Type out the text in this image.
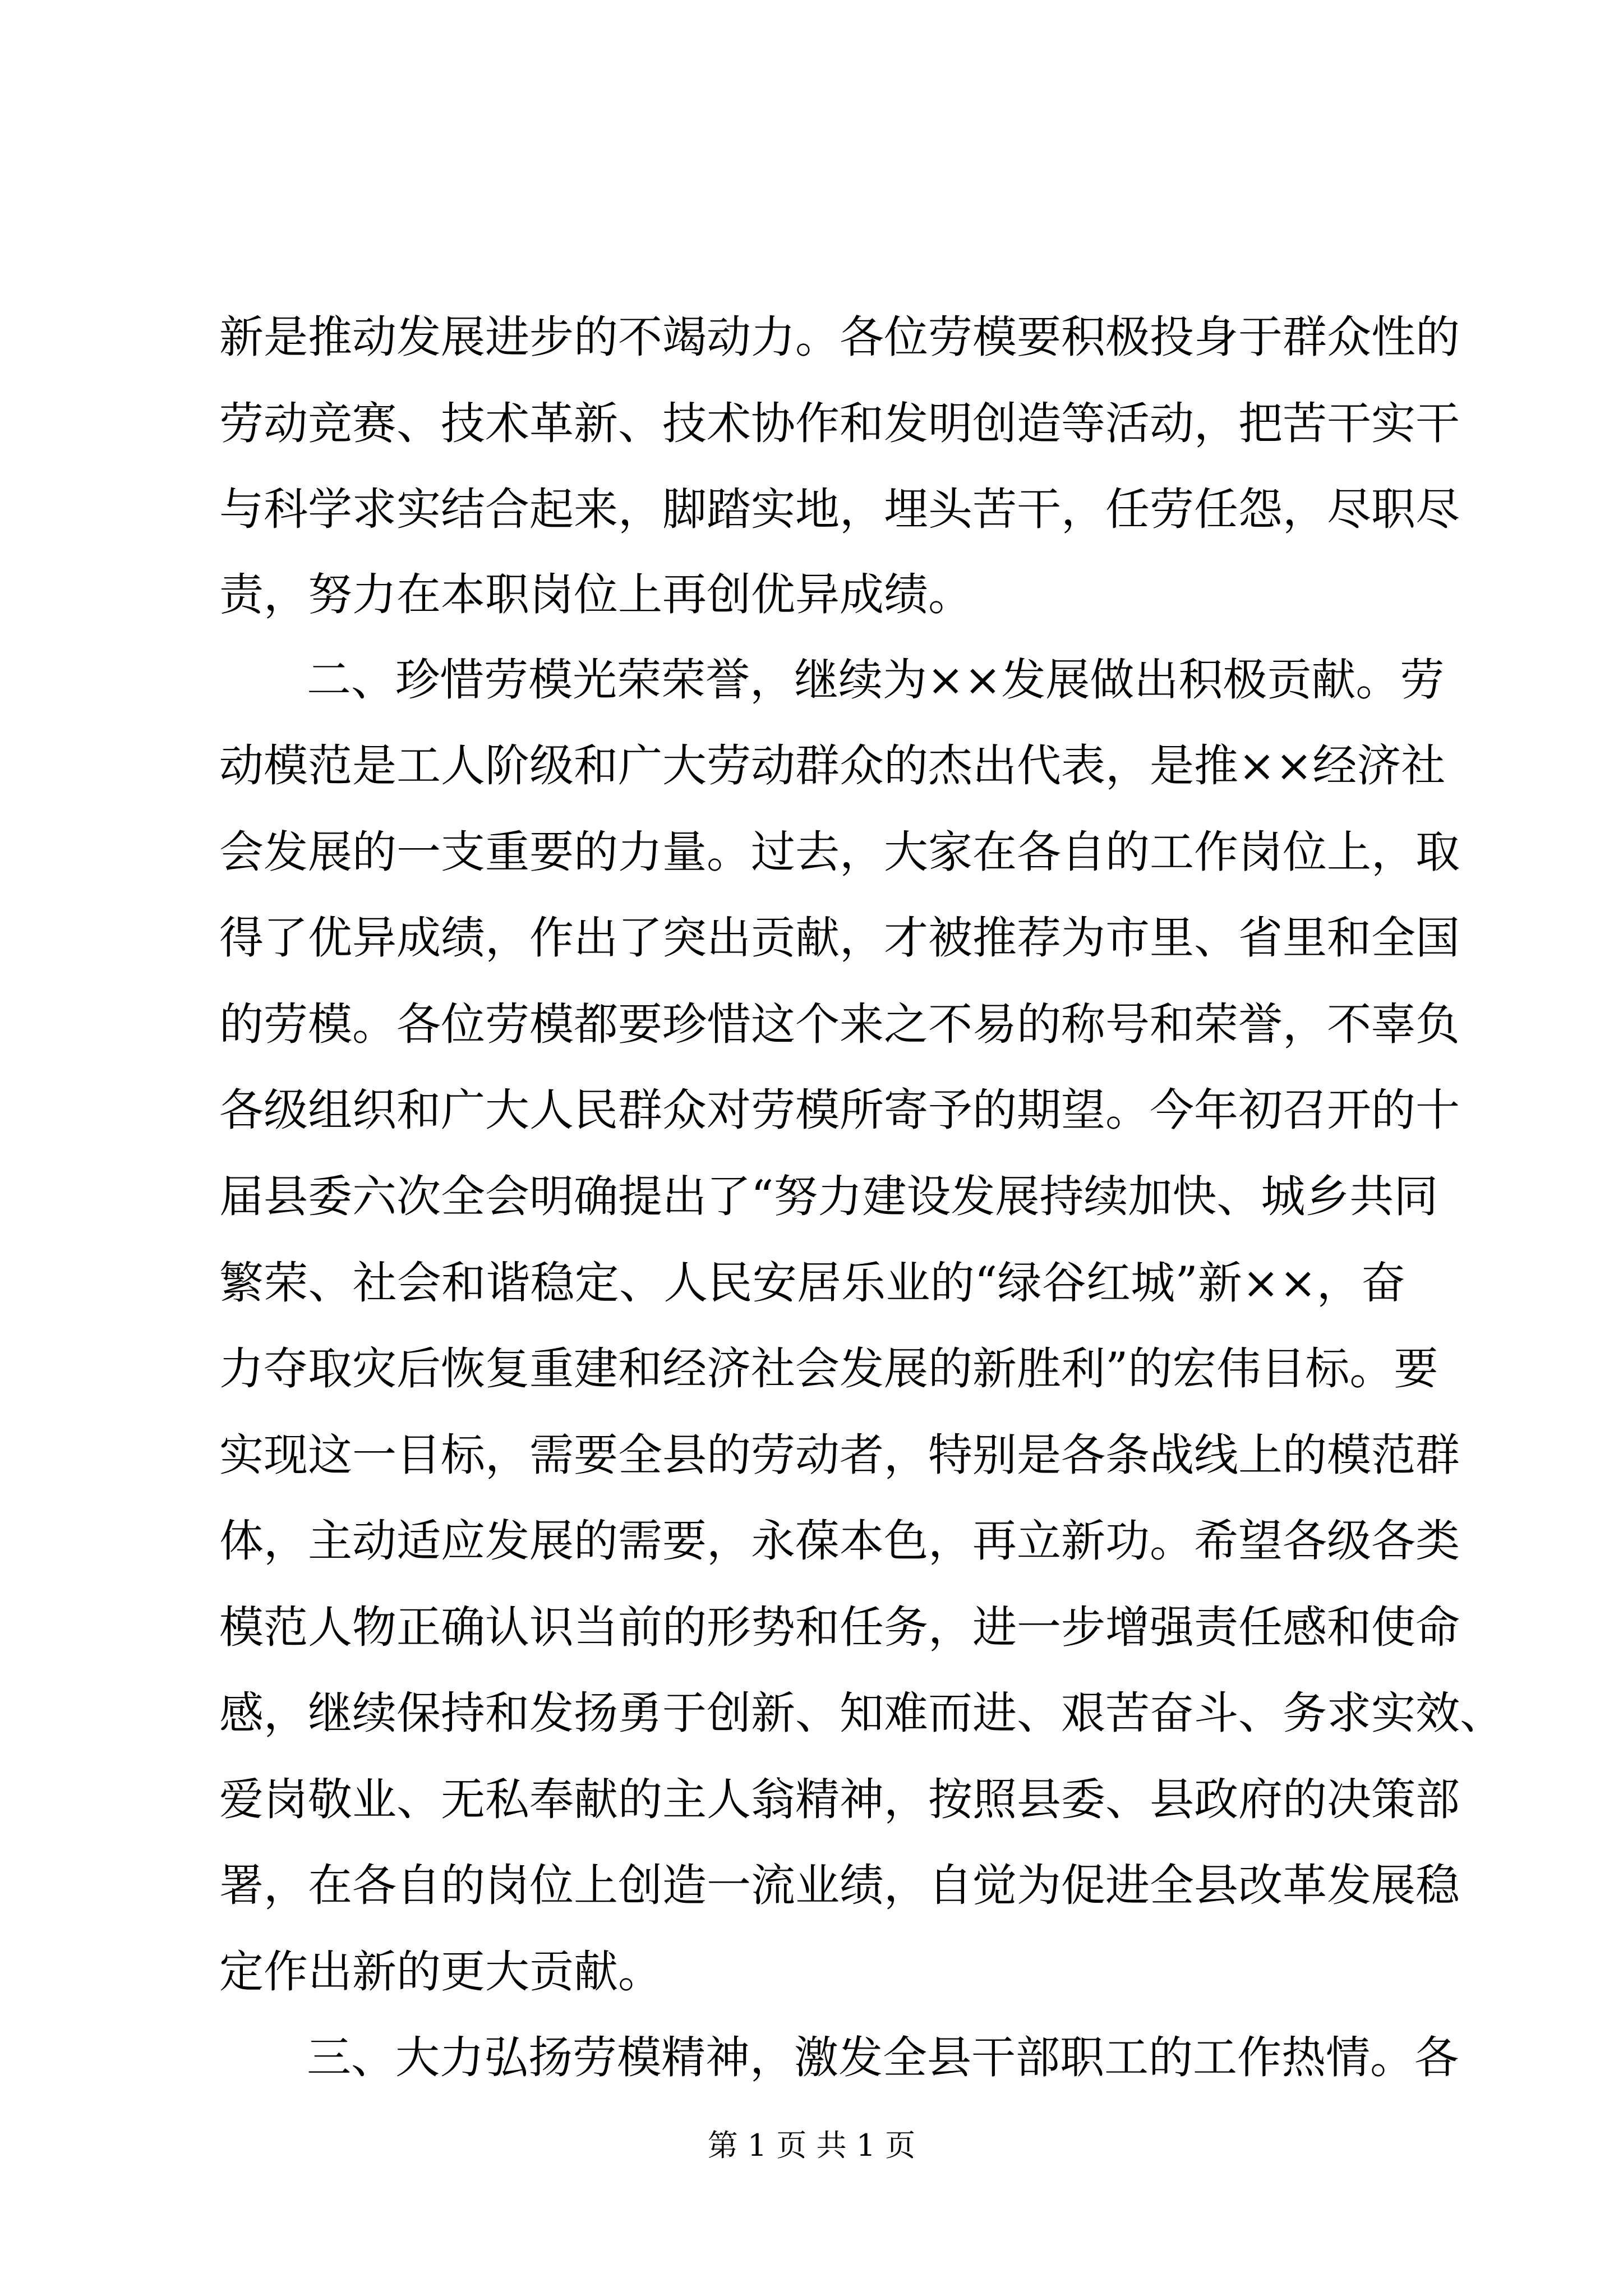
新是推动发展进步的不竭动力。各位劳模要积极投身于群众性的
劳动竞赛、技术革新、技术协作和发明创造等活动，把苦干实干
与科学求实结合起来，脚踏实地，埋头苦干，任劳任怨，尽职尽
责，努力在本职岗位上再创优异成绩。
二、珍惜劳模光荣荣誉，继续为××发展做出积极贡献。劳
动模范是工人阶级和广大劳动群众的杰出代表，是推××经济社
会发展的一支重要的力量。过去，大家在各自的工作岗位上，取
得了优异成绩，作出了突出贡献，才被推荐为市里、省里和全国
的劳模。各位劳模都要珍惜这个来之不易的称号和荣誉，不辜负
各级组织和广大人民群众对劳模所寄予的期望。今年初召开的十
届县委六次全会明确提出了“努力建设发展持续加快、城乡共同
繁荣、社会和谐稳定、人民安居乐业的“绿谷红城”新××，奋
力夺取灾后恢复重建和经济社会发展的新胜利”的宏伟目标。要
实现这一目标，需要全县的劳动者，特别是各条战线上的模范群
体，主动适应发展的需要，永葆本色，再立新功。希望各级各类
模范人物正确认识当前的形势和任务，进一步增强责任感和使命
感，继续保持和发扬勇于创新、知难而进、艰苦奋斗、务求实效、
爱岗敬业、无私奉献的主人翁精神，按照县委、县政府的决策部
署，在各自的岗位上创造一流业绩，自觉为促进全县改革发展稳
定作出新的更大贡献。
三、大力弘扬劳模精神，激发全县干部职工的工作热情。各
第 1 页 共 1 页
